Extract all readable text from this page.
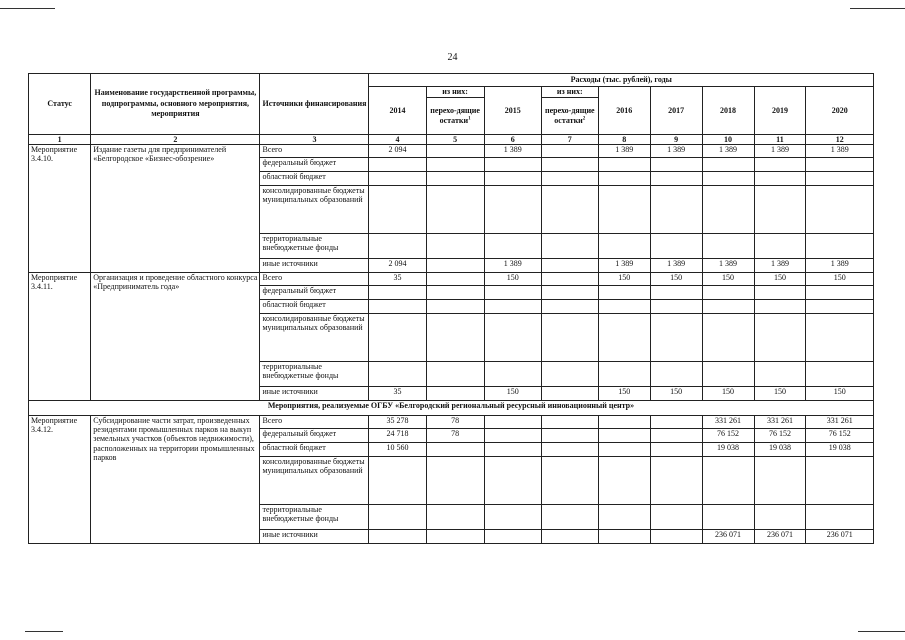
24
Статус	Наименование государственной программы, подпрограммы, основного мероприятия, мероприятия	Источники финансирования	Расходы (тыс. рублей), годы								
			2014	из них:	2015	из них:	2016	2017	2018	2019	2020
				перехо-дящие остатки$^1$		перехо-дящие остатки$^2$
1	2	3	4	5	6	7	8	9	10	11	12
Мероприятие 3.4.10.	Издание газеты для предпринимателей «Белгородское «Бизнес-обозрение»	Всего	2 094		1 389		1 389	1 389	1 389	1 389	1 389
		федеральный бюджет									
		областной бюджет									
		консолидированные бюджеты муниципальных образований									
		территориальные внебюджетные фонды									
		иные источники	2 094		1 389		1 389	1 389	1 389	1 389	1 389
Мероприятие 3.4.11.	Организация и проведение областного конкурса «Предприниматель года»	Всего	35		150		150	150	150	150	150
		федеральный бюджет									
		областной бюджет									
		консолидированные бюджеты муниципальных образований									
		территориальные внебюджетные фонды									
		иные источники	35		150		150	150	150	150	150
Мероприятия, реализуемые ОГБУ «Белгородский региональный ресурсный инновационный центр»											
Мероприятие 3.4.12.	Субсидирование части затрат, произведенных резидентами промышленных парков на выкуп земельных участков (объектов недвижимости), расположенных на территории промышленных парков	Всего	35 278	78					331 261	331 261	331 261
		федеральный бюджет	24 718	78					76 152	76 152	76 152
		областной бюджет	10 560						19 038	19 038	19 038
		консолидированные бюджеты муниципальных образований									
		территориальные внебюджетные фонды									
		иные источники							236 071	236 071	236 071
